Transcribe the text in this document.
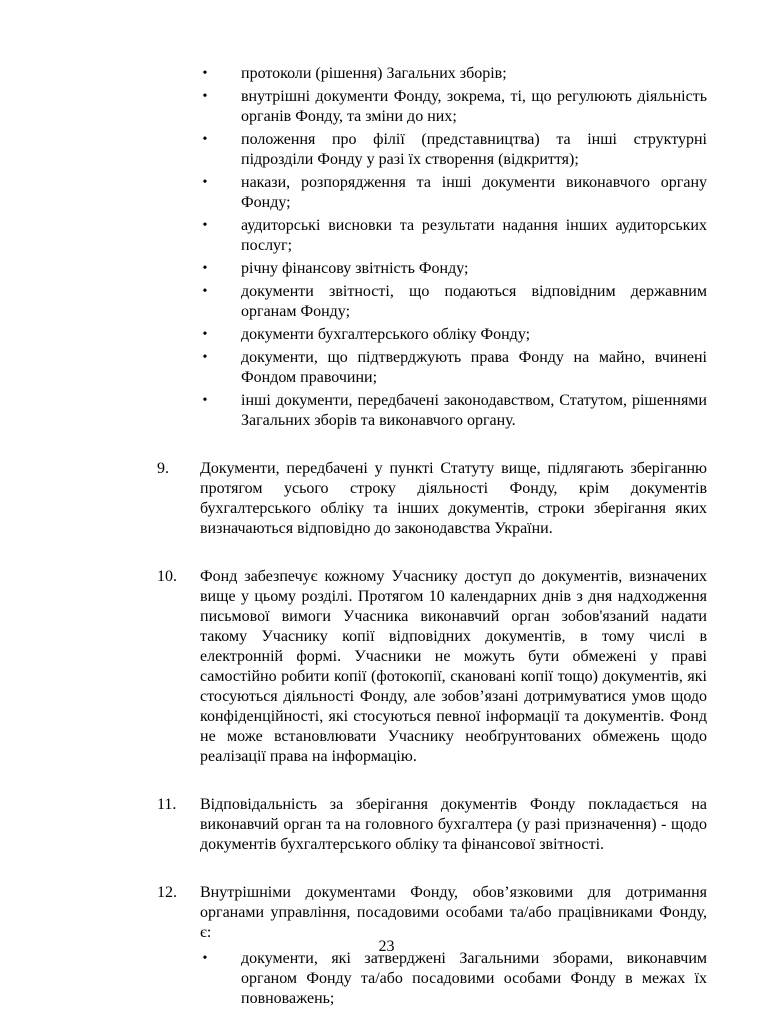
•
протоколи (рішення) Загальних зборів;
•
внутрішні документи Фонду, зокрема, ті, що регулюють діяльність органів Фонду, та зміни до них;
•
положення про філії (представництва) та інші структурні підрозділи Фонду у разі їх створення (відкриття);
•
накази, розпорядження та інші документи виконавчого органу Фонду;
•
аудиторські висновки та результати надання інших аудиторських послуг;
•
річну фінансову звітність Фонду;
•
документи звітності, що подаються відповідним державним органам Фонду;
•
документи бухгалтерського обліку Фонду;
•
документи, що підтверджують права Фонду на майно, вчинені Фондом правочини;
•
інші документи, передбачені законодавством, Статутом, рішеннями Загальних зборів та виконавчого органу.
9. Документи, передбачені у пункті Статуту вище, підлягають зберіганню протягом усього строку діяльності Фонду, крім документів бухгалтерського обліку та інших документів, строки зберігання яких визначаються відповідно до законодавства України.
10. Фонд забезпечує кожному Учаснику доступ до документів, визначених вище у цьому розділі. Протягом 10 календарних днів з дня надходження письмової вимоги Учасника виконавчий орган зобов'язаний надати такому Учаснику копії відповідних документів, в тому числі в електронній формі. Учасники не можуть бути обмежені у праві самостійно робити копії (фотокопії, скановані копії тощо) документів, які стосуються діяльності Фонду, але зобов’язані дотримуватися умов щодо конфіденційності, які стосуються певної інформації та документів. Фонд не може встановлювати Учаснику необґрунтованих обмежень щодо реалізації права на інформацію.
11. Відповідальність за зберігання документів Фонду покладається на виконавчий орган та на головного бухгалтера (у разі призначення) - щодо документів бухгалтерського обліку та фінансової звітності.
12. Внутрішніми документами Фонду, обов’язковими для дотримання органами управління, посадовими особами та/або працівниками Фонду, є:
•
документи, які затверджені Загальними зборами, виконавчим органом Фонду та/або посадовими особами Фонду в межах їх повноважень;
23
